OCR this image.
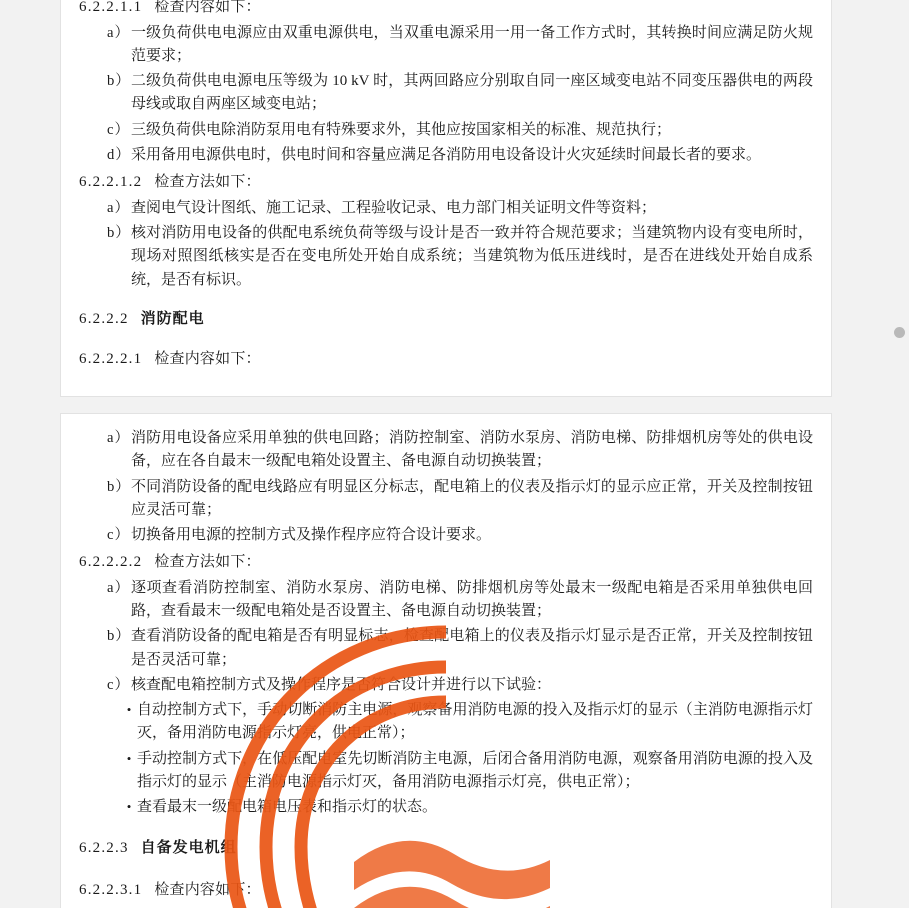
6.2.2.1.1 检查内容如下：

a） 一级负荷供电电源应由双重电源供电，当双重电源采用一用一备工作方式时，其转换时间应满足防火规范要求；
b） 二级负荷供电电源电压等级为 10 kV 时，其两回路应分别取自同一座区域变电站不同变压器供电的两段母线或取自两座区域变电站；
c） 三级负荷供电除消防泵用电有特殊要求外，其他应按国家相关的标准、规范执行；
d） 采用备用电源供电时，供电时间和容量应满足各消防用电设备设计火灾延续时间最长者的要求。

6.2.2.1.2 检查方法如下：

a） 查阅电气设计图纸、施工记录、工程验收记录、电力部门相关证明文件等资料；
b） 核对消防用电设备的供配电系统负荷等级与设计是否一致并符合规范要求；当建筑物内设有变电所时，现场对照图纸核实是否在变电所处开始自成系统；当建筑物为低压进线时，是否在进线处开始自成系统，是否有标识。

6.2.2.2 消防配电

6.2.2.2.1 检查内容如下：

a） 消防用电设备应采用单独的供电回路；消防控制室、消防水泵房、消防电梯、防排烟机房等处的供电设备，应在各自最末一级配电箱处设置主、备电源自动切换装置；
b） 不同消防设备的配电线路应有明显区分标志，配电箱上的仪表及指示灯的显示应正常，开关及控制按钮应灵活可靠；
c） 切换备用电源的控制方式及操作程序应符合设计要求。

6.2.2.2.2 检查方法如下：

a） 逐项查看消防控制室、消防水泵房、消防电梯、防排烟机房等处最末一级配电箱是否采用单独供电回路，查看最末一级配电箱处是否设置主、备电源自动切换装置；
b） 查看消防设备的配电箱是否有明显标志，检查配电箱上的仪表及指示灯显示是否正常，开关及控制按钮是否灵活可靠；
c） 核查配电箱控制方式及操作程序是否符合设计并进行以下试验：
• 自动控制方式下，手动切断消防主电源，观察备用消防电源的投入及指示灯的显示（主消防电源指示灯灭，备用消防电源指示灯亮，供电正常）；
• 手动控制方式下，在低压配电室先切断消防主电源，后闭合备用消防电源，观察备用消防电源的投入及指示灯的显示（主消防电源指示灯灭，备用消防电源指示灯亮，供电正常）；
• 查看最末一级配电箱电压表和指示灯的状态。

6.2.2.3 自备发电机组

6.2.2.3.1 检查内容如下：
